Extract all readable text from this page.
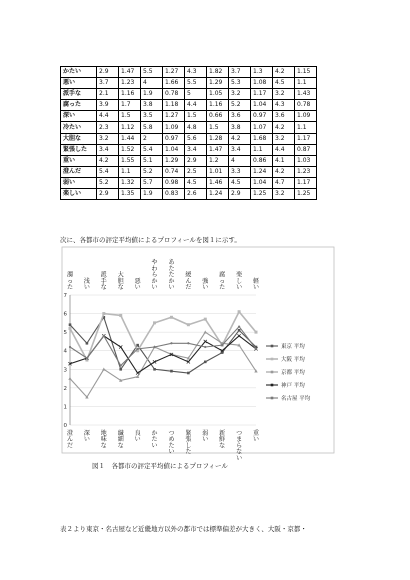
かたい	2.9	1.47	5.5	1.27	4.3	1.82	3.7	1.3	4.2	1.15
悪い	3.7	1.23	4	1.66	5.5	1.29	5.3	1.08	4.5	1.1
派手な	2.1	1.16	1.9	0.78	5	1.05	3.2	1.17	3.2	1.43
腐った	3.9	1.7	3.8	1.18	4.4	1.16	5.2	1.04	4.3	0.78
深い	4.4	1.5	3.5	1.27	1.5	0.66	3.6	0.97	3.6	1.09
冷たい	2.3	1.12	5.8	1.09	4.8	1.5	3.8	1.07	4.2	1.1
大胆な	3.2	1.44	2	0.97	5.6	1.28	4.2	1.68	3.2	1.17
緊張した	3.4	1.52	5.4	1.04	3.4	1.47	3.4	1.1	4.4	0.87
重い	4.2	1.55	5.1	1.29	2.9	1.2	4	0.86	4.1	1.03
澄んだ	5.4	1.1	5.2	0.74	2.5	1.01	3.3	1.24	4.2	1.23
弱い	5.2	1.32	5.7	0.98	4.5	1.46	4.5	1.04	4.7	1.17
楽しい	2.9	1.35	1.9	0.83	2.6	1.24	2.9	1.25	3.2	1.25
次に、各都市の評定平均値によるプロフィールを図１に示す。
0
1
2
3
4
5
6
7
濁
っ
た
浅
い
派
手
な
大
胆
な
悪
い
や
わ
ら
か
い
あ
た
た
か
い
緩
ん
だ
強
い
腐
っ
た
楽
し
い
軽
い
澄
ん
だ
深
い
地
味
な
繊
細
な
良
い
か
た
い
つ
め
た
い
緊
張
し
た
弱
い
新
鮮
な
つ
ま
ら
な
い
重
い
東京 平均
大阪 平均
京都 平均
神戸 平均
名古屋 平均
図１　各都市の評定平均値によるプロフィール
表２より東京・名古屋など近畿地方以外の都市では標準偏差が大きく、大阪・京都・
